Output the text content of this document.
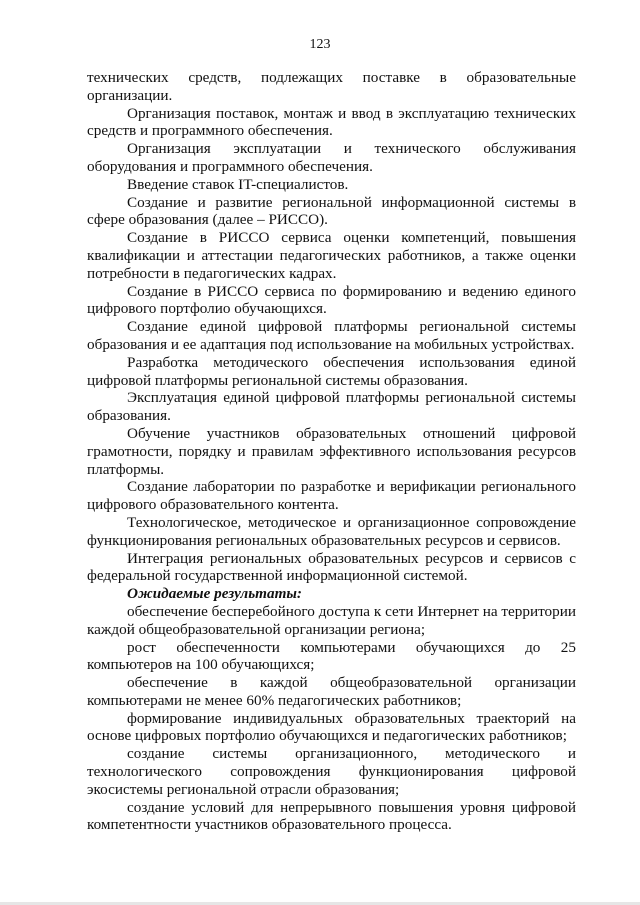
123

технических средств, подлежащих поставке в образовательные организации.

Организация поставок, монтаж и ввод в эксплуатацию технических средств и программного обеспечения.

Организация эксплуатации и технического обслуживания оборудования и программного обеспечения.

Введение ставок IT-специалистов.

Создание и развитие региональной информационной системы в сфере образования (далее – РИССО).

Создание в РИССО сервиса оценки компетенций, повышения квалификации и аттестации педагогических работников, а также оценки потребности в педагогических кадрах.

Создание в РИССО сервиса по формированию и ведению единого цифрового портфолио обучающихся.

Создание единой цифровой платформы региональной системы образования и ее адаптация под использование на мобильных устройствах.

Разработка методического обеспечения использования единой цифровой платформы региональной системы образования.

Эксплуатация единой цифровой платформы региональной системы образования.

Обучение участников образовательных отношений цифровой грамотности, порядку и правилам эффективного использования ресурсов платформы.

Создание лаборатории по разработке и верификации регионального цифрового образовательного контента.

Технологическое, методическое и организационное сопровождение функционирования региональных образовательных ресурсов и сервисов.

Интеграция региональных образовательных ресурсов и сервисов с федеральной государственной информационной системой.

Ожидаемые результаты:

обеспечение бесперебойного доступа к сети Интернет на территории каждой общеобразовательной организации региона;

рост обеспеченности компьютерами обучающихся до 25 компьютеров на 100 обучающихся;

обеспечение в каждой общеобразовательной организации компьютерами не менее 60% педагогических работников;

формирование индивидуальных образовательных траекторий на основе цифровых портфолио обучающихся и педагогических работников;

создание системы организационного, методического и технологического сопровождения функционирования цифровой экосистемы региональной отрасли образования;

создание условий для непрерывного повышения уровня цифровой компетентности участников образовательного процесса.
